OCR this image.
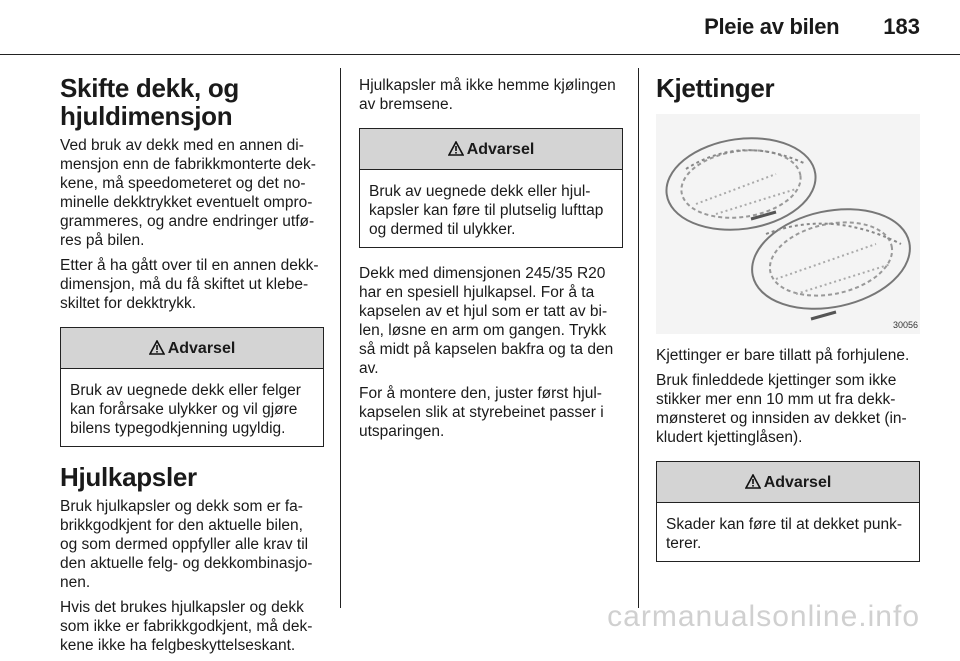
Pleie av bilen 183
Skifte dekk, og hjuldimensjon

Ved bruk av dekk med en annen di-mensjon enn de fabrikkmonterte dek-kene, må speedometeret og det no-minelle dekktrykket eventuelt ompro-grammeres, og andre endringer utfø-res på bilen.

Etter å ha gått over til en annen dekk-dimensjon, må du få skiftet ut klebe-skiltet for dekktrykk.

Advarsel
Bruk av uegnede dekk eller felger kan forårsake ulykker og vil gjøre bilens typegodkjenning ugyldig.
Hjulkapsler

Bruk hjulkapsler og dekk som er fa-brikkgodkjent for den aktuelle bilen, og som dermed oppfyller alle krav til den aktuelle felg- og dekkombinasjo-nen.

Hvis det brukes hjulkapsler og dekk som ikke er fabrikkgodkjent, må dek-kene ikke ha felgbeskyttelseskant.

Hjulkapsler må ikke hemme kjølingen av bremsene.

Advarsel
Bruk av uegnede dekk eller hjul-kapsler kan føre til plutselig lufttap og dermed til ulykker.

Dekk med dimensjonen 245/35 R20 har en spesiell hjulkapsel. For å ta kapselen av et hjul som er tatt av bi-len, løsne en arm om gangen. Trykk så midt på kapselen bakfra og ta den av.

For å montere den, juster først hjul-kapselen slik at styrebeinet passer i utsparingen.

Kjettinger
30056

Kjettinger er bare tillatt på forhjulene.

Bruk finleddede kjettinger som ikke stikker mer enn 10 mm ut fra dekk-mønsteret og innsiden av dekket (in-kludert kjettinglåsen).

Advarsel
Skader kan føre til at dekket punk-terer.
carmanualsonline.info
